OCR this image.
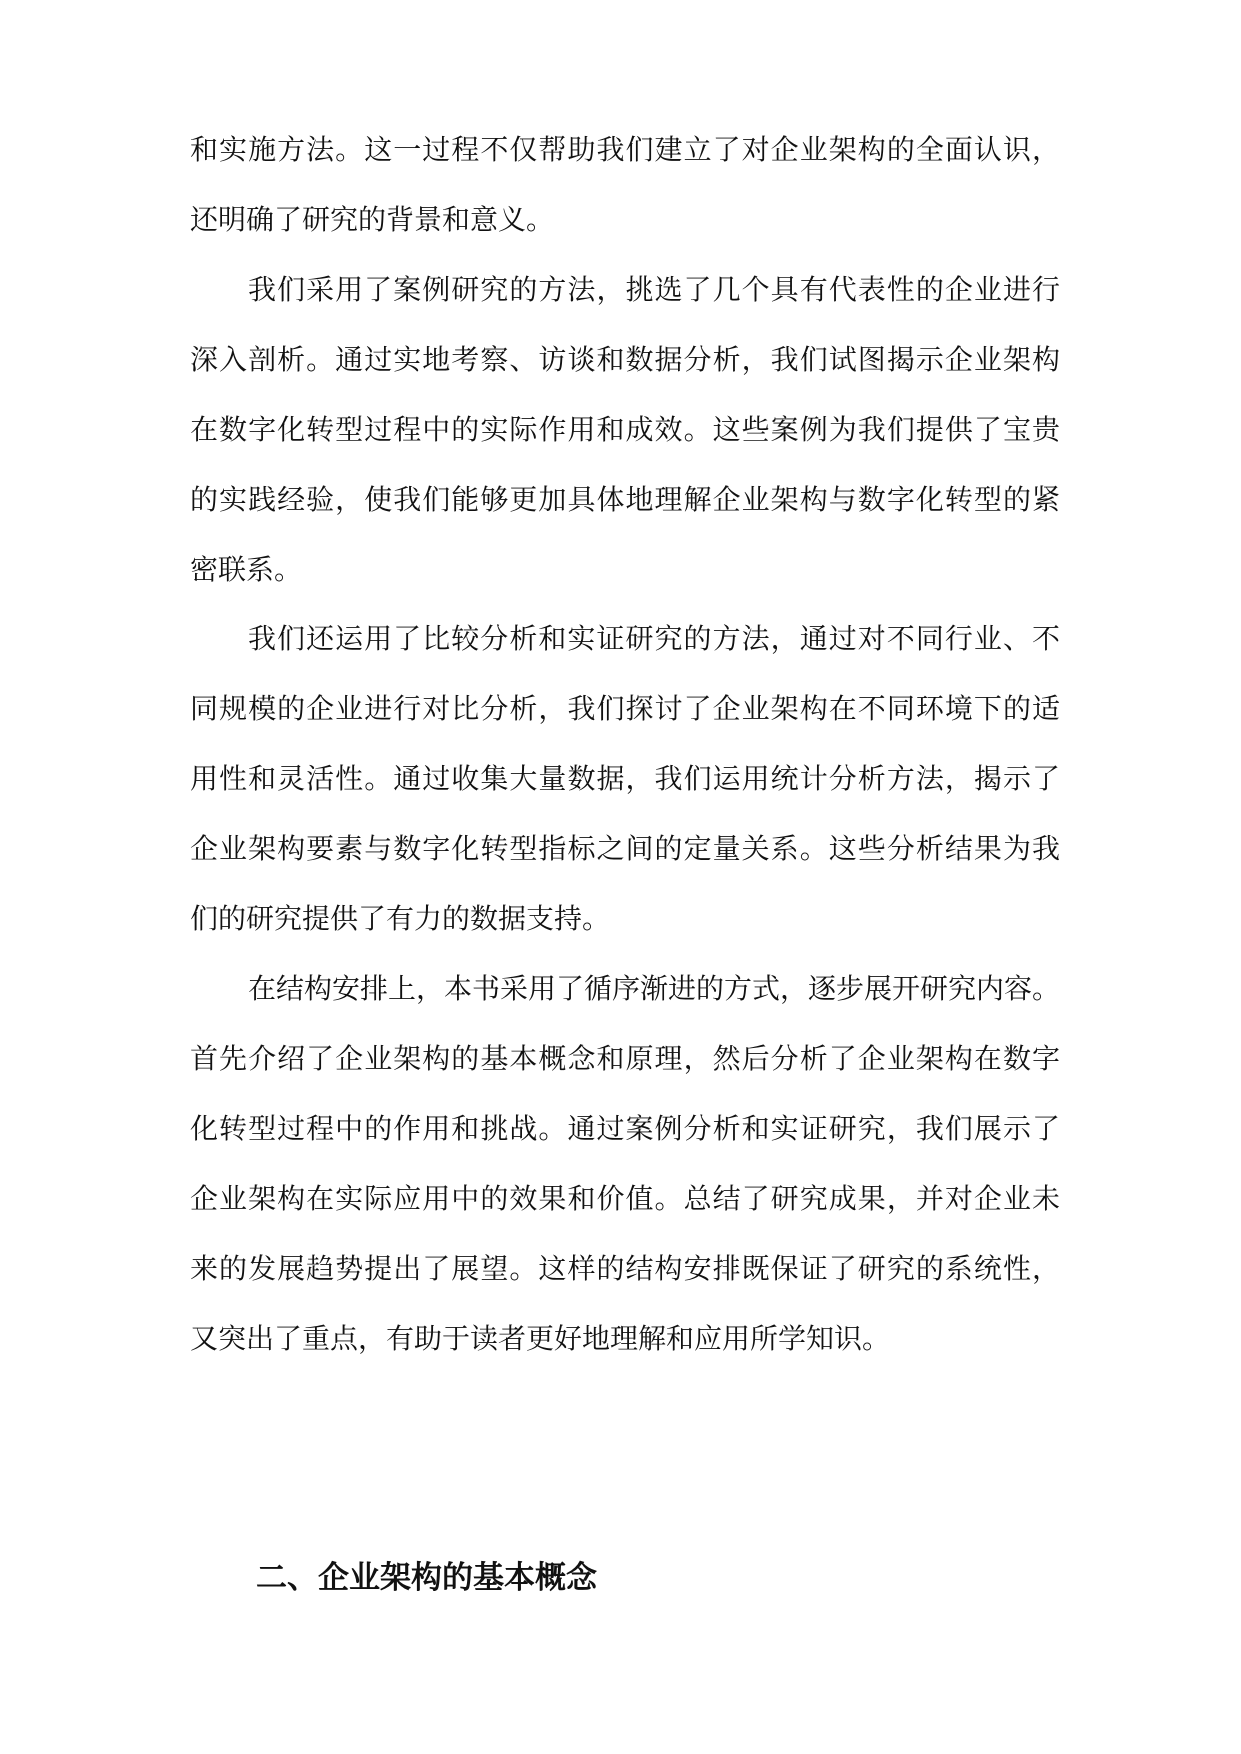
和实施方法。这一过程不仅帮助我们建立了对企业架构的全面认识，
还明确了研究的背景和意义。
我们采用了案例研究的方法，挑选了几个具有代表性的企业进行
深入剖析。通过实地考察、访谈和数据分析，我们试图揭示企业架构
在数字化转型过程中的实际作用和成效。这些案例为我们提供了宝贵
的实践经验，使我们能够更加具体地理解企业架构与数字化转型的紧
密联系。
我们还运用了比较分析和实证研究的方法，通过对不同行业、不
同规模的企业进行对比分析，我们探讨了企业架构在不同环境下的适
用性和灵活性。通过收集大量数据，我们运用统计分析方法，揭示了
企业架构要素与数字化转型指标之间的定量关系。这些分析结果为我
们的研究提供了有力的数据支持。
在结构安排上，本书采用了循序渐进的方式，逐步展开研究内容。
首先介绍了企业架构的基本概念和原理，然后分析了企业架构在数字
化转型过程中的作用和挑战。通过案例分析和实证研究，我们展示了
企业架构在实际应用中的效果和价值。总结了研究成果，并对企业未
来的发展趋势提出了展望。这样的结构安排既保证了研究的系统性，
又突出了重点，有助于读者更好地理解和应用所学知识。
二、企业架构的基本概念
